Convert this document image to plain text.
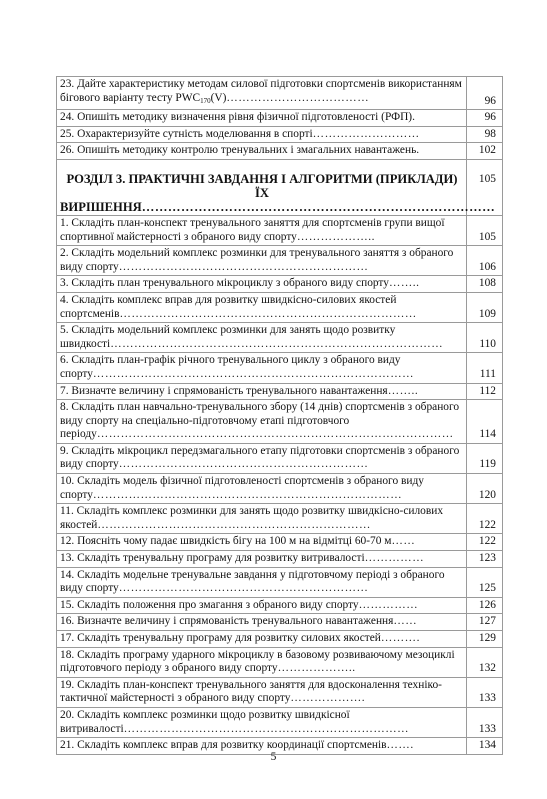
23. Дайте характеристику методам силової підготовки спортсменів використанням бігового варіанту тесту $PWC_{170}(V)\dots\dots\dots\dots\dots\dots\dots\dots\dots\dots\dots\dots$	96
24. Опишіть методику визначення рівня фізичної підготовленості (РФП).	96
25. Охарактеризуйте сутність моделювання в спорті………………………	98
26. Опишіть методику контролю тренувальних і змагальних навантажень.	102
РОЗДІЛ 3. ПРАКТИЧНІ ЗАВДАННЯ І АЛГОРИТМИ (ПРИКЛАДИ) ЇХ ВИРІШЕННЯ………………………………………………………………………	105
1. Складіть план-конспект тренувального заняття для спортсменів групи вищої спортивної майстерності з обраного виду спорту………………..	105
2. Складіть модельний комплекс розминки для тренувального заняття з обраного виду спорту………………………………………………………	106
3. Складіть план тренувального мікроциклу з обраного виду спорту……..	108
4. Складіть комплекс вправ для розвитку швидкісно-силових якостей спортсменів…………………………………………………………………	109
5. Складіть модельний комплекс розминки для занять щодо розвитку швидкості…………………………………………………………………………	110
6. Складіть план-графік річного тренувального циклу з обраного виду спорту………………………………………………………………………	111
7. Визначте величину і спрямованість тренувального навантаження……..	112
8. Складіть план навчально-тренувального збору (14 днів) спортсменів з обраного виду спорту на спеціально-підготовчому етапі підготовчого періоду………………………………………………………………………………	114
9. Складіть мікроцикл передзмагального етапу підготовки спортсменів з обраного виду спорту………………………………………………………	119
10. Складіть модель фізичної підготовленості спортсменів з обраного виду спорту……………………………………………………………………	120
11. Складіть комплекс розминки для занять щодо розвитку швидкісно-силових якостей……………………………………………………………	122
12. Поясніть чому падає швидкість бігу на 100 м на відмітці 60-70 м……	122
13. Складіть тренувальну програму для розвитку витривалості……………	123
14. Складіть модельне тренувальне завдання у підготовчому періоді з обраного виду спорту………………………………………………………	125
15. Складіть положення про змагання з обраного виду спорту……………	126
16. Визначте величину і спрямованість тренувального навантаження……	127
17. Складіть тренувальну програму для розвитку силових якостей……….	129
18. Складіть програму ударного мікроциклу в базовому розвиваючому мезоциклі підготовчого періоду з обраного виду спорту………………..	132
19. Складіть план-конспект тренувального заняття для вдосконалення техніко-тактичної майстерності з обраного виду спорту……………….	133
20. Складіть комплекс розминки щодо розвитку швидкісної витривалості………………………………………………………………	133
21. Складіть комплекс вправ для розвитку координації спортсменів…….	134
5
